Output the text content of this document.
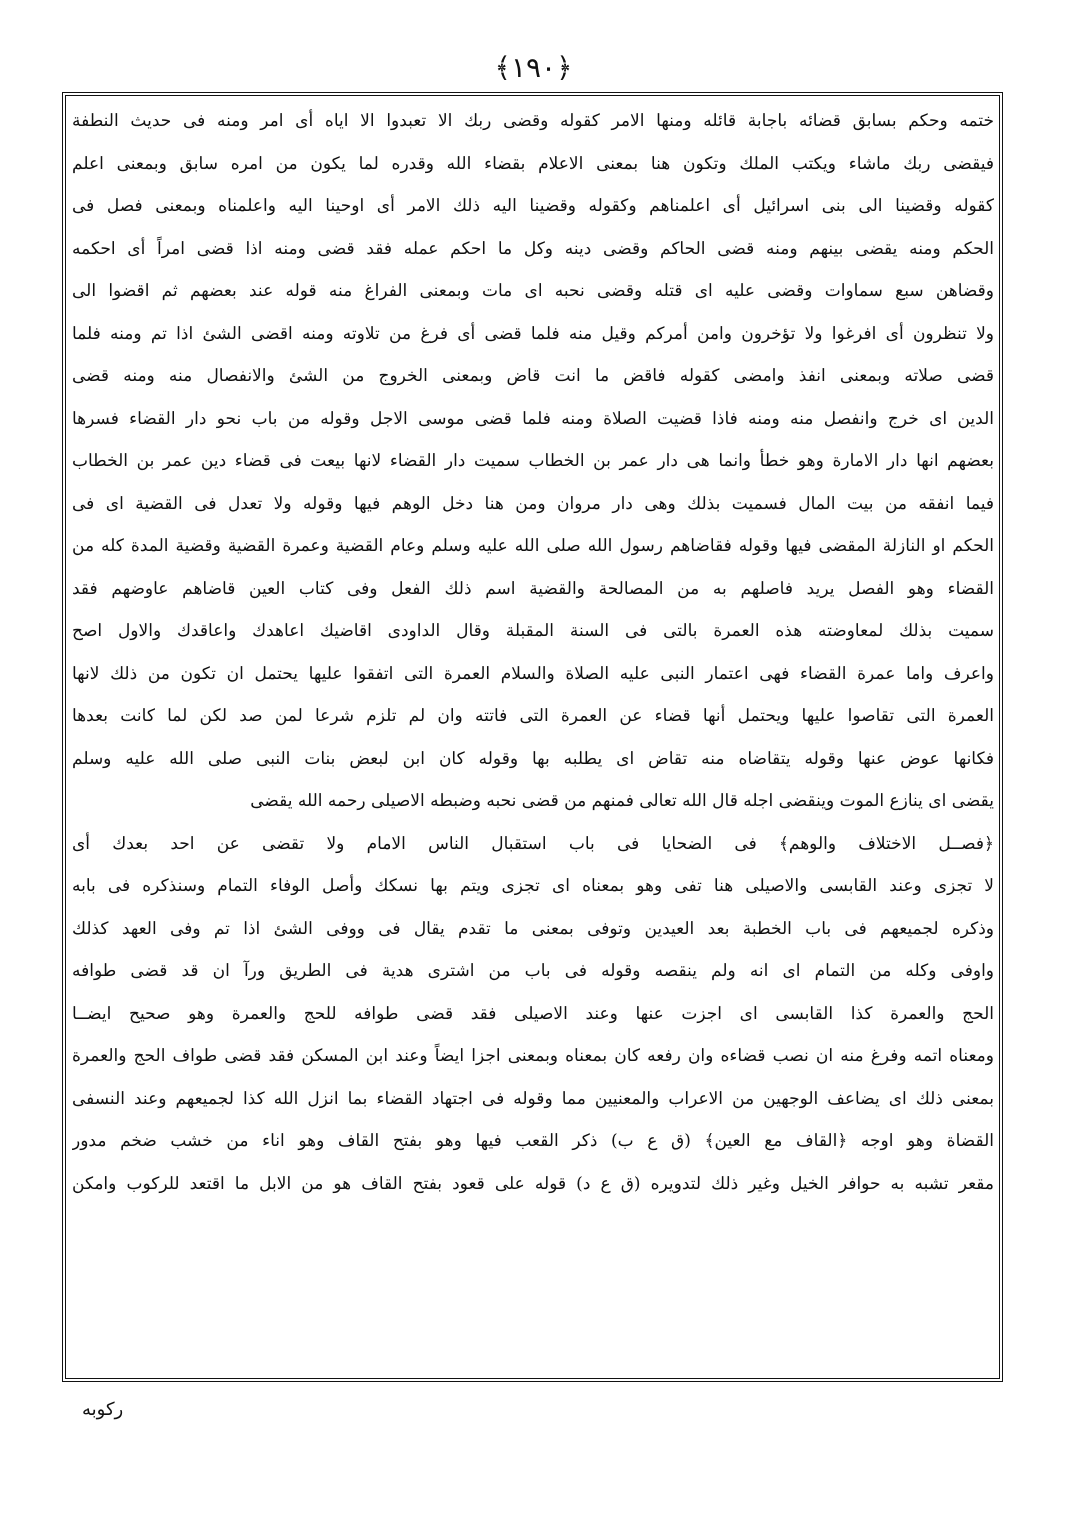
﴿١٩٠﴾
ختمه وحكم بسابق قضائه باجابة قائله ومنها الامر كقوله وقضى ربك الا تعبدوا الا اياه أى امر ومنه فى حديث النطفة
فيقضى ربك ماشاء ويكتب الملك وتكون هنا بمعنى الاعلام بقضاء الله وقدره لما يكون من امره سابق وبمعنى اعلم
كقوله وقضينا الى بنى اسرائيل أى اعلمناهم وكقوله وقضينا اليه ذلك الامر أى اوحينا اليه واعلمناه وبمعنى فصل فى
الحكم ومنه يقضى بينهم ومنه قضى الحاكم وقضى دينه وكل ما احكم عمله فقد قضى ومنه اذا قضى امراً أى احكمه
وقضاهن سبع سماوات وقضى عليه اى قتله وقضى نحبه اى مات وبمعنى الفراغ منه قوله عند بعضهم ثم اقضوا الى
ولا تنظرون أى افرغوا ولا تؤخرون وامن أمركم وقيل منه فلما قضى أى فرغ من تلاوته ومنه اقضى الشئ اذا تم ومنه فلما
قضى صلاته وبمعنى انفذ وامضى كقوله فاقض ما انت قاض وبمعنى الخروج من الشئ والانفصال منه ومنه قضى
الدين اى خرج وانفصل منه ومنه فاذا قضيت الصلاة ومنه فلما قضى موسى الاجل وقوله من باب نحو دار القضاء فسرها
بعضهم انها دار الامارة وهو خطأ وانما هى دار عمر بن الخطاب سميت دار القضاء لانها بيعت فى قضاء دين عمر بن الخطاب
فيما انفقه من بيت المال فسميت بذلك وهى دار مروان ومن هنا دخل الوهم فيها وقوله ولا تعدل فى القضية اى فى
الحكم او النازلة المقضى فيها وقوله فقاضاهم رسول الله صلى الله عليه وسلم وعام القضية وعمرة القضية وقضية المدة كله من
القضاء وهو الفصل يريد فاصلهم به من المصالحة والقضية اسم ذلك الفعل وفى كتاب العين قاضاهم عاوضهم فقد
سميت بذلك لمعاوضته هذه العمرة بالتى فى السنة المقبلة وقال الداودى اقاضيك اعاهدك واعاقدك والاول اصح
واعرف واما عمرة القضاء فهى اعتمار النبى عليه الصلاة والسلام العمرة التى اتفقوا عليها يحتمل ان تكون من ذلك لانها
العمرة التى تقاصوا عليها ويحتمل أنها قضاء عن العمرة التى فاتته وان لم تلزم شرعا لمن صد لكن لما كانت بعدها
فكانها عوض عنها وقوله يتقاضاه منه تقاض اى يطلبه بها وقوله كان ابن لبعض بنات النبى صلى الله عليه وسلم
يقضى اى ينازع الموت وينقضى اجله قال الله تعالى فمنهم من قضى نحبه وضبطه الاصيلى رحمه الله يقضى
﴿فصــل الاختلاف والوهم﴾ فى الضحايا فى باب استقبال الناس الامام ولا تقضى عن احد بعدك أى
لا تجزى وعند القابسى والاصيلى هنا تفى وهو بمعناه اى تجزى ويتم بها نسكك وأصل الوفاء التمام وسنذكره فى بابه
وذكره لجميعهم فى باب الخطبة بعد العيدين وتوفى بمعنى ما تقدم يقال فى ووفى الشئ اذا تم وفى العهد كذلك
واوفى وكله من التمام اى انه ولم ينقصه وقوله فى باب من اشترى هدية فى الطريق ورآ ان قد قضى طوافه
الحج والعمرة كذا القابسى اى اجزت عنها وعند الاصيلى فقد قضى طوافه للحج والعمرة وهو صحيح ايضــا
ومعناه اتمه وفرغ منه ان نصب قضاءه وان رفعه كان بمعناه وبمعنى اجزا ايضاً وعند ابن المسكن فقد قضى طواف الحج والعمرة
بمعنى ذلك اى يضاعف الوجهين من الاعراب والمعنيين مما وقوله فى اجتهاد القضاء بما انزل الله كذا لجميعهم وعند النسفى
القضاة وهو اوجه ﴿القاف مع العين﴾ (ق ع ب) ذكر القعب فيها وهو بفتح القاف وهو اناء من خشب ضخم مدور
مقعر تشبه به حوافر الخيل وغير ذلك لتدويره (ق ع د) قوله على قعود بفتح القاف هو من الابل ما اقتعد للركوب وامكن
ركوبه
